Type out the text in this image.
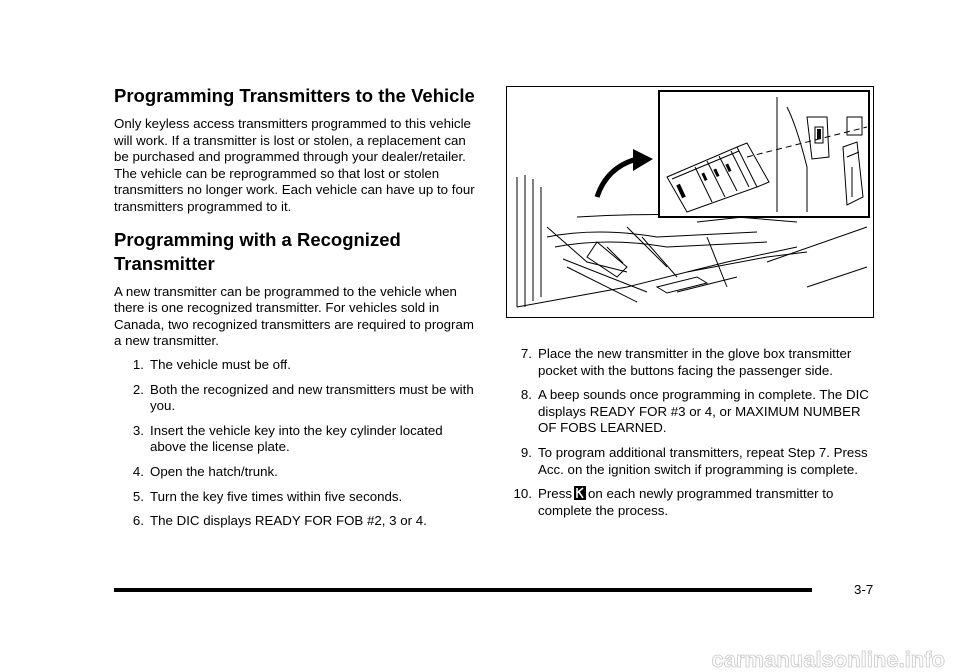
Programming Transmitters to the Vehicle

Only keyless access transmitters programmed to this vehicle will work. If a transmitter is lost or stolen, a replacement can be purchased and programmed through your dealer/retailer. The vehicle can be reprogrammed so that lost or stolen transmitters no longer work. Each vehicle can have up to four transmitters programmed to it.

Programming with a Recognized Transmitter

A new transmitter can be programmed to the vehicle when there is one recognized transmitter. For vehicles sold in Canada, two recognized transmitters are required to program a new transmitter.

1. The vehicle must be off.
2. Both the recognized and new transmitters must be with you.
3. Insert the vehicle key into the key cylinder located above the license plate.
4. Open the hatch/trunk.
5. Turn the key five times within five seconds.
6. The DIC displays READY FOR FOB #2, 3 or 4.
7. Place the new transmitter in the glove box transmitter pocket with the buttons facing the passenger side.
8. A beep sounds once programming in complete. The DIC displays READY FOR #3 or 4, or MAXIMUM NUMBER OF FOBS LEARNED.
9. To program additional transmitters, repeat Step 7. Press Acc. on the ignition switch if programming is complete.
10. Press on each newly programmed transmitter to complete the process.
3-7
carmanualsonline.info
